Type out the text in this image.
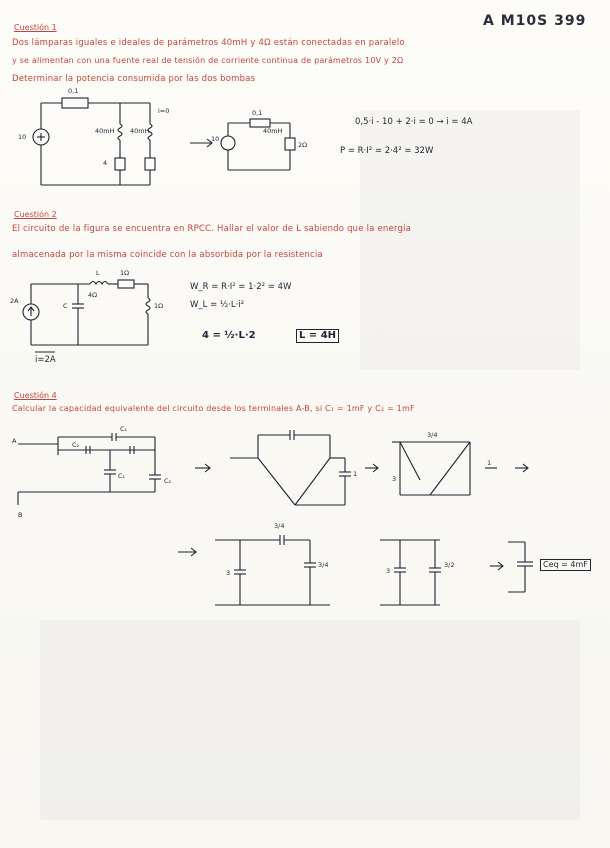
A M10S 399
Cuestión 1
Dos lámparas iguales e ideales de parámetros 40mH y 4Ω están conectadas en paralelo
y se alimentan con una fuente real de tensión de corriente continua de parámetros 10V y 2Ω
Determinar la potencia consumida por las dos bombas
0,1
10
40mH 40mH
4
i=0	0,1
10
2Ω
40mH
0,5·i - 10 + 2·i = 0 → i = 4A
P = R·I² = 2·4² = 32W
Cuestión 2
El circuito de la figura se encuentra en RPCC. Hallar el valor de L sabiendo que la energía
almacenada por la misma coincide con la absorbida por la resistencia
2A
L	1Ω
4Ω
C	1Ω
i=2A
W_R = R·I² = 1·2² = 4W
W_L = ½·L·i²
4 = ½·L·2	L = 4H
Cuestión 4
Calcular la capacidad equivalente del circuito desde los terminales A-B, si C₁ = 1mF y C₂ = 1mF
A
B
C₁
C₂
C₁
C₂
1
3
3/4
1
3
3/4
3/4
3
3/2	Ceq = 4mF
